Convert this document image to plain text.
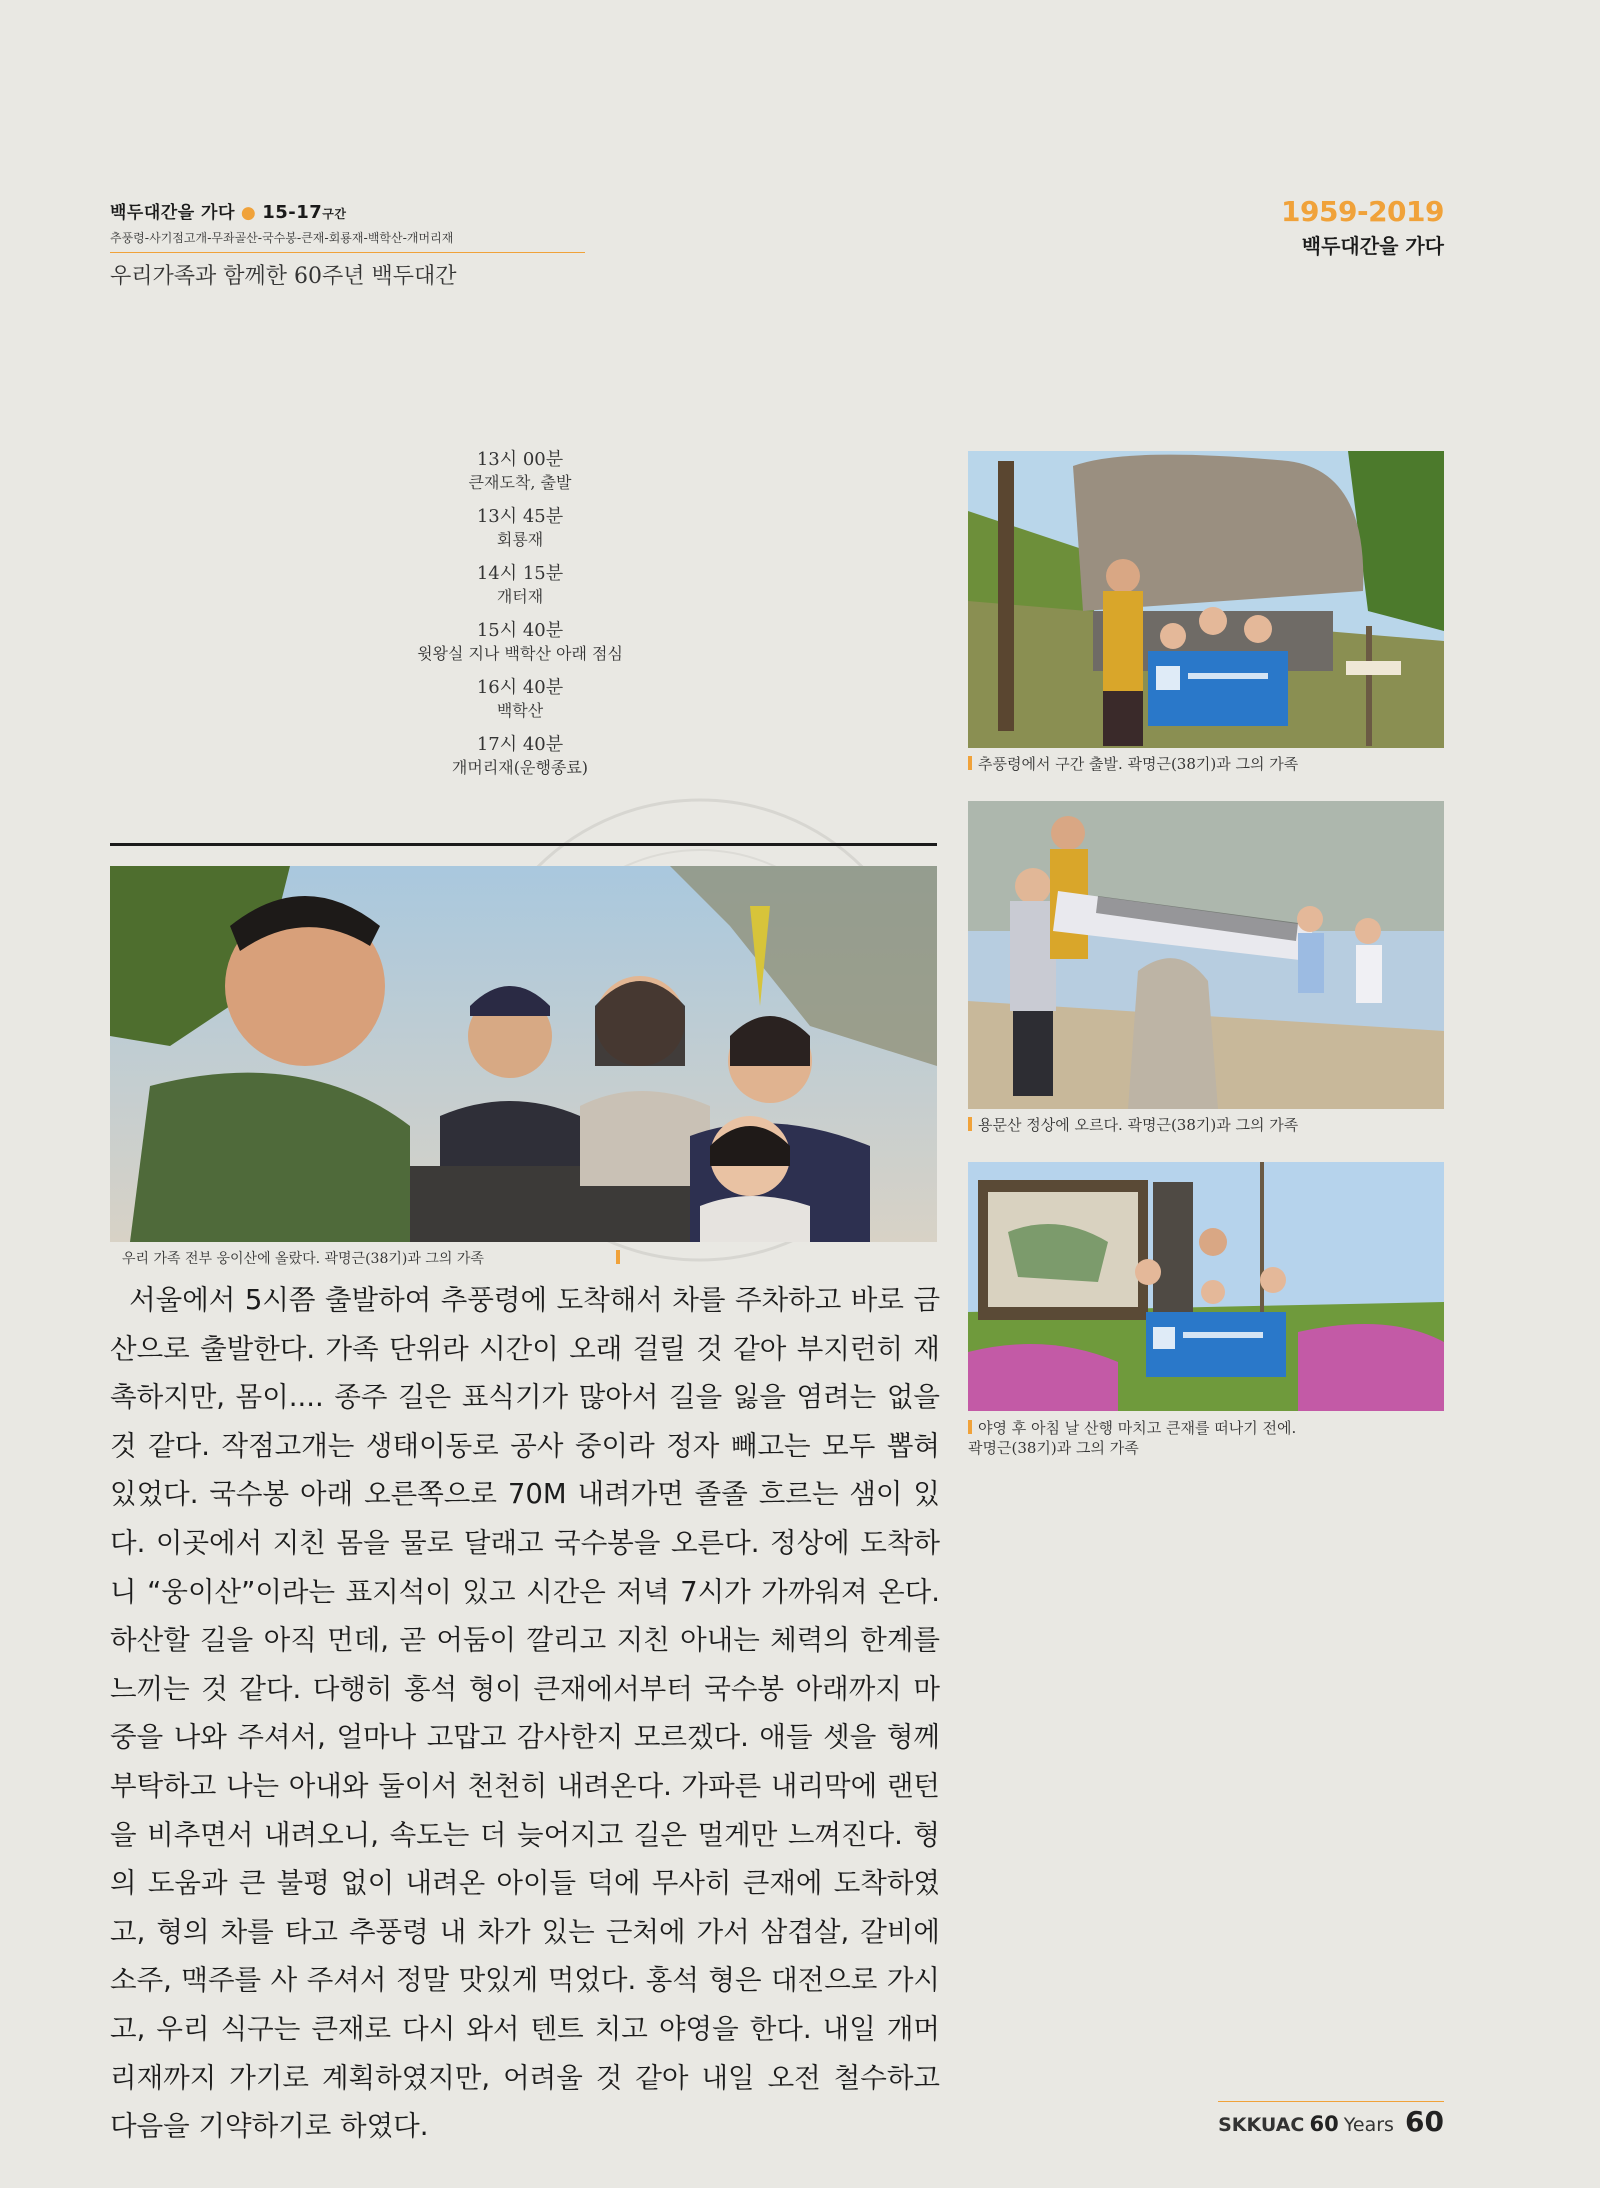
백두대간을 가다 ● 15-17구간
추풍령-사기점고개-무좌골산-국수봉-큰재-회룡재-백학산-개머리재
우리가족과 함께한 60주년 백두대간
1959-2019
백두대간을 가다
13시 00분
큰재도착, 출발
13시 45분
회룡재
14시 15분
개터재
15시 40분
윗왕실 지나 백학산 아래 점심
16시 40분
백학산
17시 40분
개머리재(운행종료)
우리 가족 전부 웅이산에 올랐다. 곽명근(38기)과 그의 가족
추풍령에서 구간 출발. 곽명근(38기)과 그의 가족
용문산 정상에 오르다. 곽명근(38기)과 그의 가족
야영 후 아침 날 산행 마치고 큰재를 떠나기 전에.
곽명근(38기)과 그의 가족
서울에서 5시쯤 출발하여 추풍령에 도착해서 차를 주차하고 바로 금산으로 출발한다. 가족 단위라 시간이 오래 걸릴 것 같아 부지런히 재촉하지만, 몸이.... 종주 길은 표식기가 많아서 길을 잃을 염려는 없을 것 같다. 작점고개는 생태이동로 공사 중이라 정자 빼고는 모두 뽑혀 있었다. 국수봉 아래 오른쪽으로 70M 내려가면 졸졸 흐르는 샘이 있다. 이곳에서 지친 몸을 물로 달래고 국수봉을 오른다. 정상에 도착하니 “웅이산”이라는 표지석이 있고 시간은 저녁 7시가 가까워져 온다. 하산할 길을 아직 먼데, 곧 어둠이 깔리고 지친 아내는 체력의 한계를 느끼는 것 같다. 다행히 홍석 형이 큰재에서부터 국수봉 아래까지 마중을 나와 주셔서, 얼마나 고맙고 감사한지 모르겠다. 애들 셋을 형께 부탁하고 나는 아내와 둘이서 천천히 내려온다. 가파른 내리막에 랜턴을 비추면서 내려오니, 속도는 더 늦어지고 길은 멀게만 느껴진다. 형의 도움과 큰 불평 없이 내려온 아이들 덕에 무사히 큰재에 도착하였고, 형의 차를 타고 추풍령 내 차가 있는 근처에 가서 삼겹살, 갈비에 소주, 맥주를 사 주셔서 정말 맛있게 먹었다. 홍석 형은 대전으로 가시고, 우리 식구는 큰재로 다시 와서 텐트 치고 야영을 한다. 내일 개머리재까지 가기로 계획하였지만, 어려울 것 같아 내일 오전 철수하고 다음을 기약하기로 하였다.	SKKUAC 60 Years 60
